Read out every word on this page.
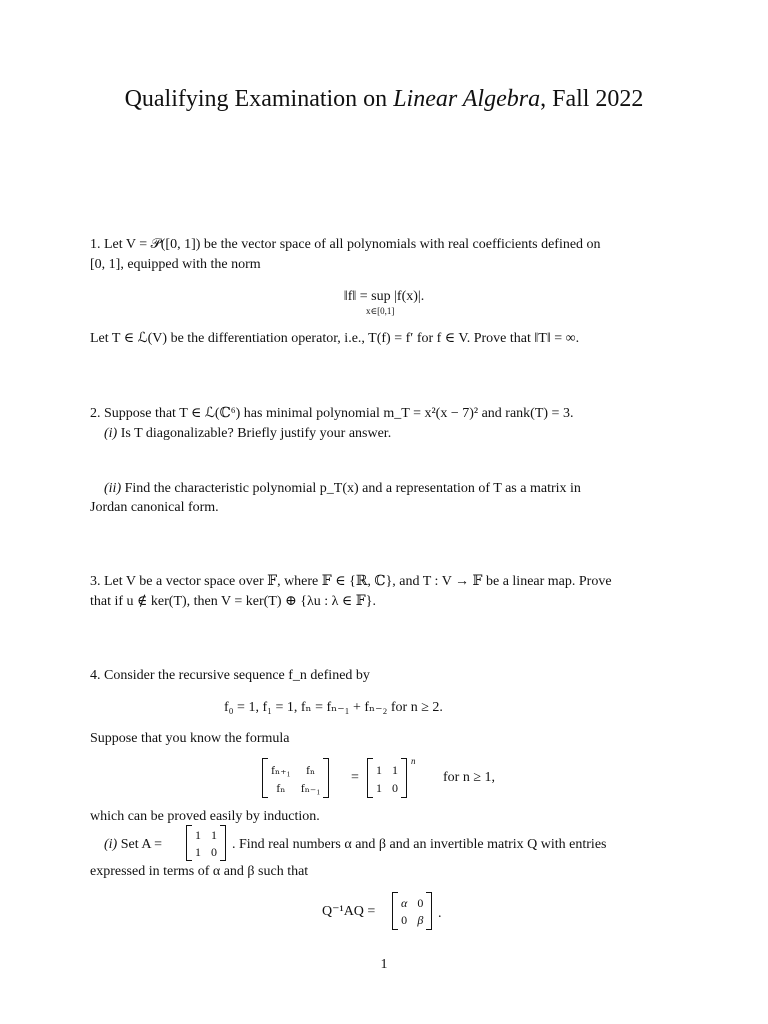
Qualifying Examination on Linear Algebra, Fall 2022
1. Let V = 𝒫([0, 1]) be the vector space of all polynomials with real coefficients defined on
[0, 1], equipped with the norm
‖f‖ = sup |f(x)|.
x∈[0,1]
Let T ∈ ℒ(V) be the differentiation operator, i.e., T(f) = f′ for f ∈ V. Prove that ‖T‖ = ∞.
2. Suppose that T ∈ ℒ(ℂ⁶) has minimal polynomial m_T = x²(x − 7)² and rank(T) = 3.
(i) Is T diagonalizable? Briefly justify your answer.
(ii) Find the characteristic polynomial p_T(x) and a representation of T as a matrix in
Jordan canonical form.
3. Let V be a vector space over 𝔽, where 𝔽 ∈ {ℝ, ℂ}, and T : V → 𝔽 be a linear map. Prove
that if u ∉ ker(T), then V = ker(T) ⊕ {λu : λ ∈ 𝔽}.
4. Consider the recursive sequence f_n defined by
f₀ = 1, f₁ = 1, fₙ = fₙ₋₁ + fₙ₋₂ for n ≥ 2.
Suppose that you know the formula
fₙ₊₁	fₙ
fₙ	fₙ₋₁
= 1 1
1 0
n
for n ≥ 1,
which can be proved easily by induction.
(i) Set A =
1 1
1 0 . Find real numbers α and β and an invertible matrix Q with entries
expressed in terms of α and β such that
Q⁻¹AQ =
α 0
0 β .
1
